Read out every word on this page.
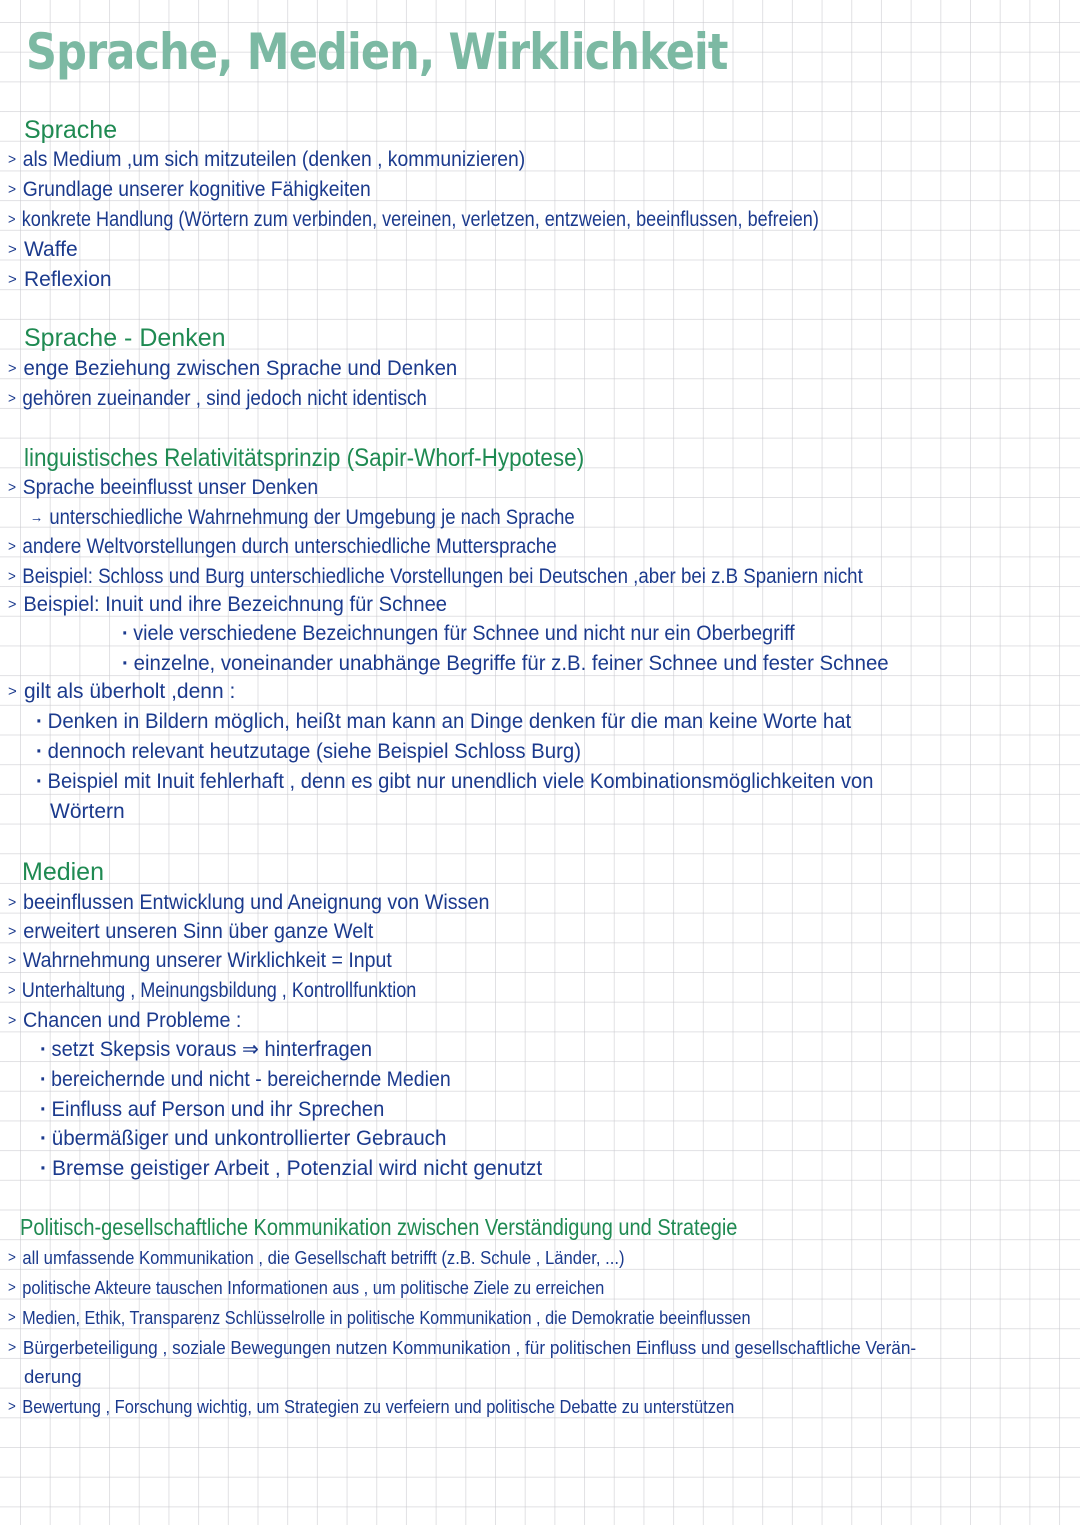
Sprache, Medien, Wirklichkeit
Sprache
> als Medium ,um sich mitzuteilen (denken , kommunizieren)
> Grundlage unserer kognitive Fähigkeiten
> konkrete Handlung (Wörtern zum verbinden, vereinen, verletzen, entzweien, beeinflussen, befreien)
> Waffe
> Reflexion
Sprache - Denken
> enge Beziehung zwischen Sprache und Denken
> gehören zueinander , sind jedoch nicht identisch
linguistisches Relativitätsprinzip (Sapir-Whorf-Hypotese)
> Sprache beeinflusst unser Denken
→ unterschiedliche Wahrnehmung der Umgebung je nach Sprache
> andere Weltvorstellungen durch unterschiedliche Muttersprache
> Beispiel: Schloss und Burg unterschiedliche Vorstellungen bei Deutschen ,aber bei z.B Spaniern nicht
> Beispiel: Inuit und ihre Bezeichnung für Schnee
· viele verschiedene Bezeichnungen für Schnee und nicht nur ein Oberbegriff
· einzelne, voneinander unabhänge Begriffe für z.B. feiner Schnee und fester Schnee
> gilt als überholt ,denn :
· Denken in Bildern möglich, heißt man kann an Dinge denken für die man keine Worte hat
· dennoch relevant heutzutage (siehe Beispiel Schloss Burg)
· Beispiel mit Inuit fehlerhaft , denn es gibt nur unendlich viele Kombinationsmöglichkeiten von
Wörtern
Medien
> beeinflussen Entwicklung und Aneignung von Wissen
> erweitert unseren Sinn über ganze Welt
> Wahrnehmung unserer Wirklichkeit = Input
> Unterhaltung , Meinungsbildung , Kontrollfunktion
> Chancen und Probleme :
· setzt Skepsis voraus ⇒ hinterfragen
· bereichernde und nicht - bereichernde Medien
· Einfluss auf Person und ihr Sprechen
· übermäßiger und unkontrollierter Gebrauch
· Bremse geistiger Arbeit , Potenzial wird nicht genutzt
Politisch-gesellschaftliche Kommunikation zwischen Verständigung und Strategie
> all umfassende Kommunikation , die Gesellschaft betrifft (z.B. Schule , Länder, ...)
> politische Akteure tauschen Informationen aus , um politische Ziele zu erreichen
> Medien, Ethik, Transparenz Schlüsselrolle in politische Kommunikation , die Demokratie beeinflussen
> Bürgerbeteiligung , soziale Bewegungen nutzen Kommunikation , für politischen Einfluss und gesellschaftliche Verän-
derung
> Bewertung , Forschung wichtig, um Strategien zu verfeiern und politische Debatte zu unterstützen
